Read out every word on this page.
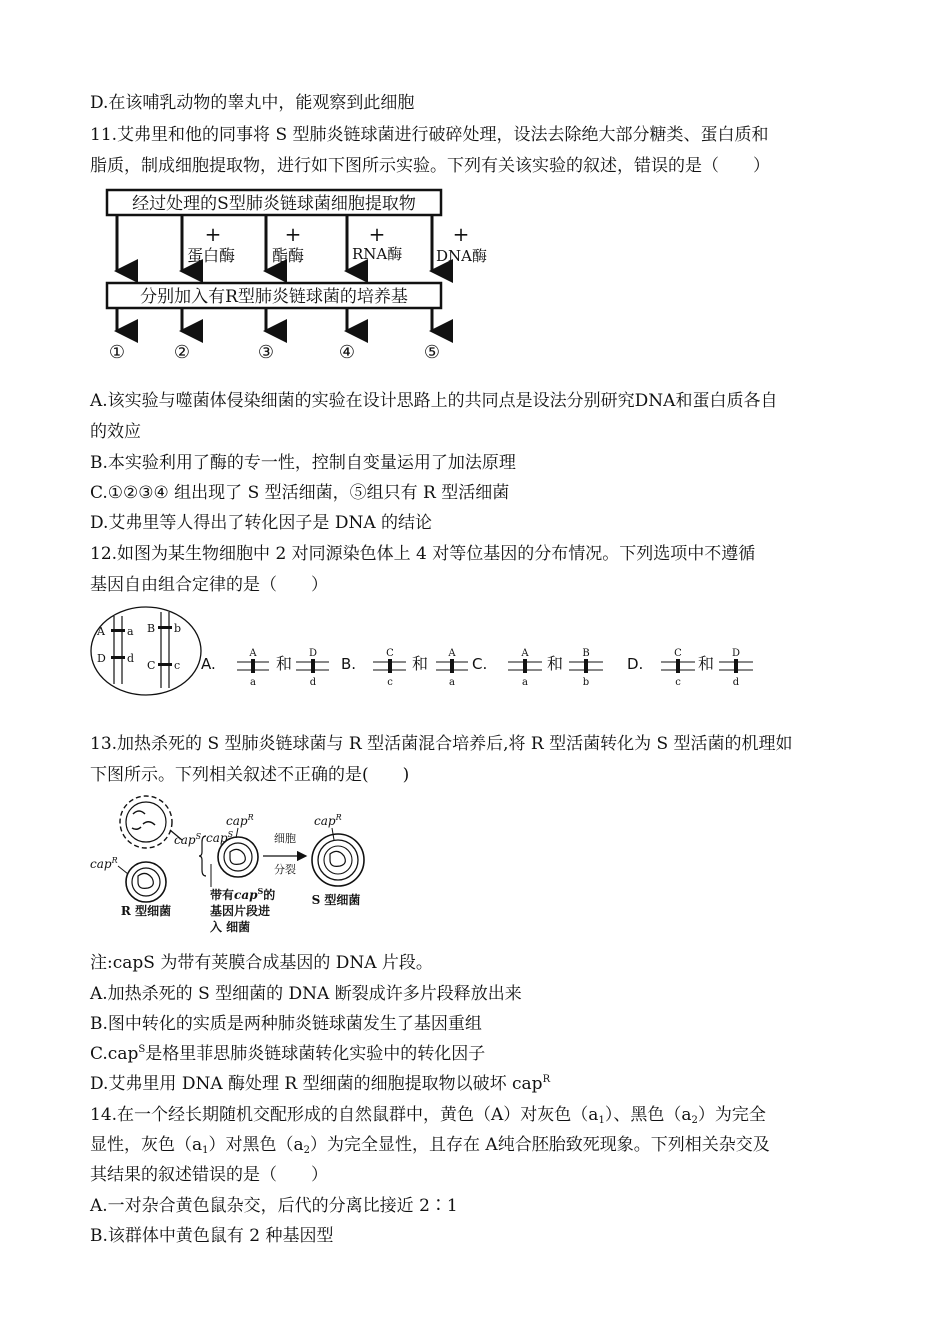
D.在该哺乳动物的睾丸中，能观察到此细胞
11.艾弗里和他的同事将 S 型肺炎链球菌进行破碎处理，设法去除绝大部分糖类、蛋白质和
脂质，制成细胞提取物，进行如下图所示实验。下列有关该实验的叙述，错误的是（　　）
经过处理的S型肺炎链球菌细胞提取物
+	+	+	+
蛋白酶 酯酶	RNA酶 DNA酶
分别加入有R型肺炎链球菌的培养基
①	②	③	④	⑤
A.该实验与噬菌体侵染细菌的实验在设计思路上的共同点是设法分别研究DNA和蛋白质各自
的效应
B.本实验利用了酶的专一性，控制自变量运用了加法原理
C.①②③④ 组出现了 S 型活细菌，⑤组只有 R 型活细菌
D.艾弗里等人得出了转化因子是 DNA 的结论
12.如图为某生物细胞中 2 对同源染色体上 4 对等位基因的分布情况。下列选项中不遵循
基因自由组合定律的是（　　）
A a
D d
B b
C c A.
A
a
和
D
d
B.
C
c
和
A
a
C.
A
a
和
B
b
D.
C
c
和
D
d
13.加热杀死的 S 型肺炎链球菌与 R 型活菌混合培养后,将 R 型活菌转化为 S 型活菌的机理如
下图所示。下列相关叙述不正确的是(　　)
cap$^R$
R 型细菌
cap$^S$
cap$^R$
cap$^S$
带有cap$^S$的
基因片段进
入 细菌
细胞
分裂
cap$^R$
S 型细菌
注:capS 为带有荚膜合成基因的 DNA 片段。
A.加热杀死的 S 型细菌的 DNA 断裂成许多片段释放出来
B.图中转化的实质是两种肺炎链球菌发生了基因重组
C.cap$^S$是格里菲思肺炎链球菌转化实验中的转化因子
D.艾弗里用 DNA 酶处理 R 型细菌的细胞提取物以破坏 cap$^R$
14.在一个经长期随机交配形成的自然鼠群中，黄色（A）对灰色$(a_1)$、黑色$(a_2)$为完全
显性，灰色$(a_1)$对黑色$(a_2)$为完全显性，且存在 A纯合胚胎致死现象。下列相关杂交及
其结果的叙述错误的是（　　）
A.一对杂合黄色鼠杂交，后代的分离比接近 2∶1
B.该群体中黄色鼠有 2 种基因型
